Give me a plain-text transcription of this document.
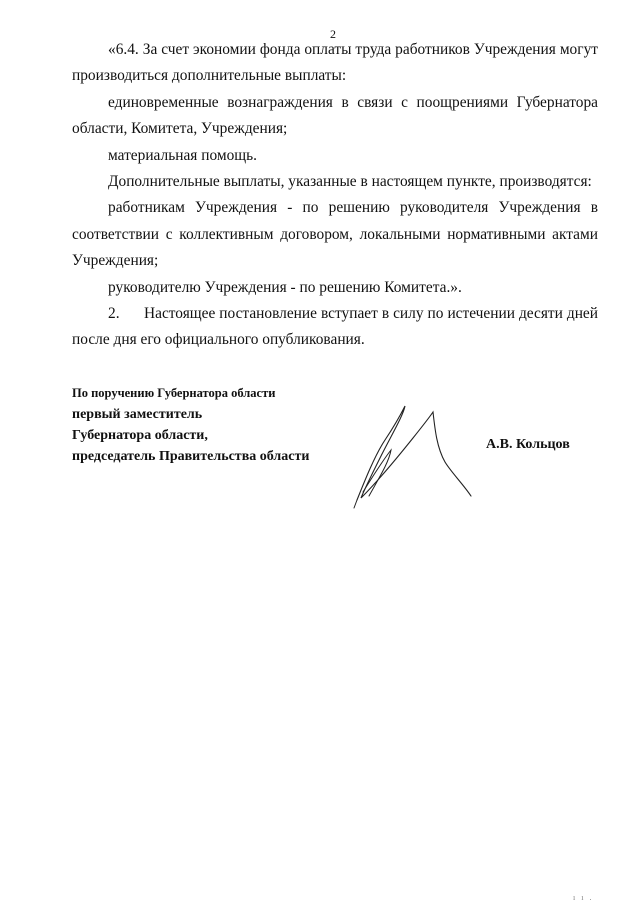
2

«6.4. За счет экономии фонда оплаты труда работников Учреждения могут производиться дополнительные выплаты:

единовременные вознаграждения в связи с поощрениями Губернатора области, Комитета, Учреждения;

материальная помощь.

Дополнительные выплаты, указанные в настоящем пункте, производятся:

работникам Учреждения - по решению руководителя Учреждения в соответствии с коллективным договором, локальными нормативными актами Учреждения;

руководителю Учреждения - по решению Комитета.».

2. Настоящее постановление вступает в силу по истечении десяти дней после дня его официального опубликования.

По поручению Губернатора области
первый заместитель
Губернатора области,
председатель Правительства области
А.В. Кольцов
ı ı .
